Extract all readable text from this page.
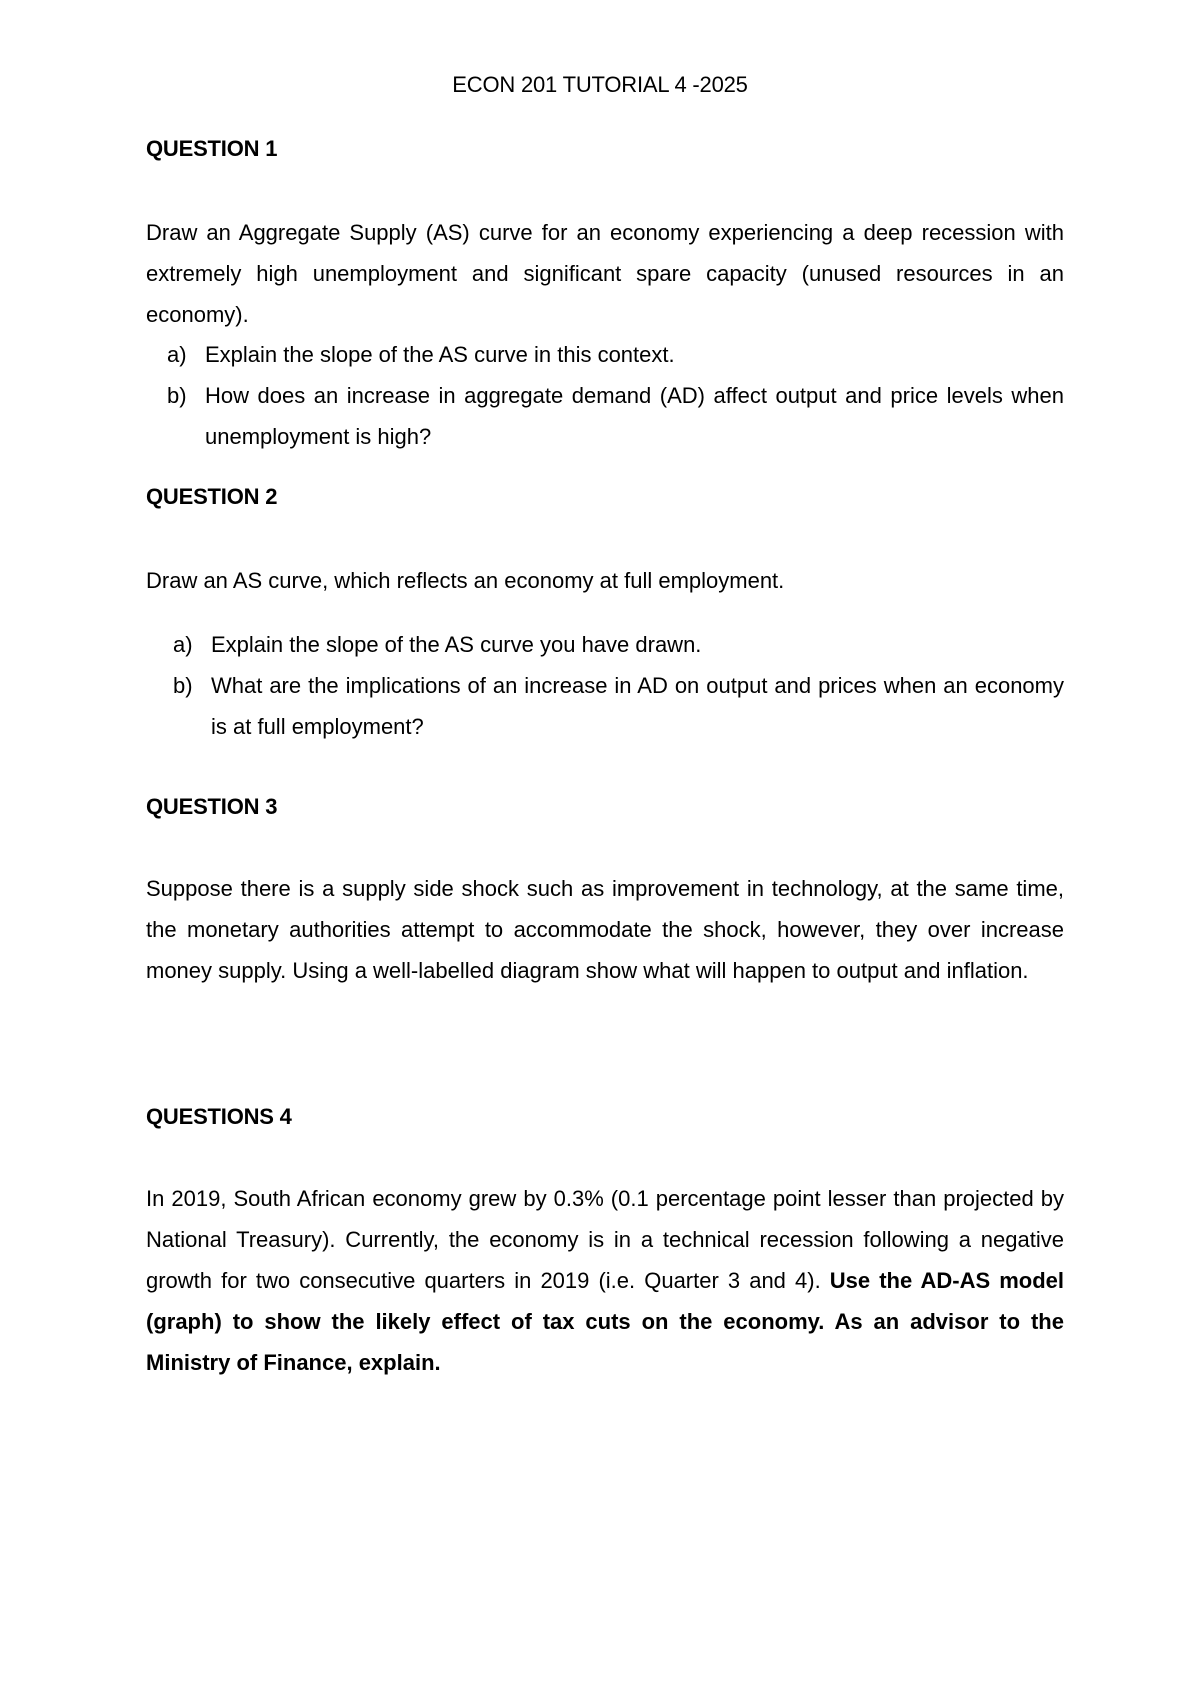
ECON 201 TUTORIAL 4 -2025
QUESTION 1

Draw an Aggregate Supply (AS) curve for an economy experiencing a deep recession with extremely high unemployment and significant spare capacity (unused resources in an economy).

a) Explain the slope of the AS curve in this context.
b) How does an increase in aggregate demand (AD) affect output and price levels when unemployment is high?
QUESTION 2

Draw an AS curve, which reflects an economy at full employment.

a) Explain the slope of the AS curve you have drawn.
b) What are the implications of an increase in AD on output and prices when an economy is at full employment?
QUESTION 3

Suppose there is a supply side shock such as improvement in technology, at the same time, the monetary authorities attempt to accommodate the shock, however, they over increase money supply. Using a well-labelled diagram show what will happen to output and inflation.

QUESTIONS 4

In 2019, South African economy grew by 0.3% (0.1 percentage point lesser than projected by National Treasury). Currently, the economy is in a technical recession following a negative growth for two consecutive quarters in 2019 (i.e. Quarter 3 and 4). Use the AD-AS model (graph) to show the likely effect of tax cuts on the economy. As an advisor to the Ministry of Finance, explain.
